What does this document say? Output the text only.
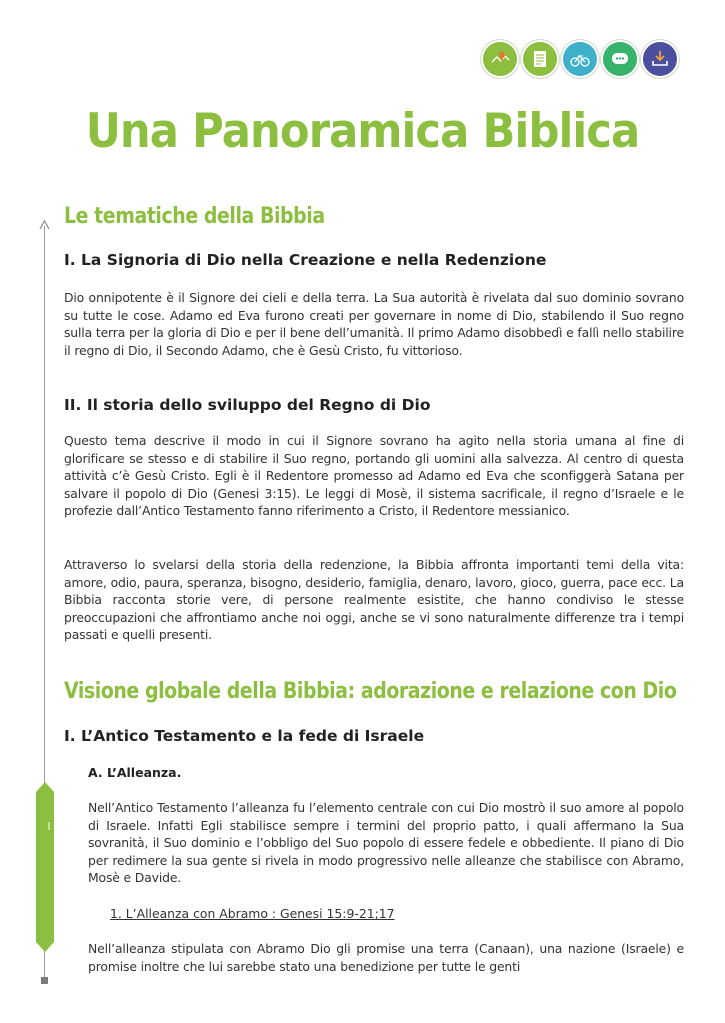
Una Panoramica Biblica
Una Panoramica Biblica
Le tematiche della Bibbia
I. La Signoria di Dio nella Creazione e nella Redenzione

Dio onnipotente è il Signore dei cieli e della terra. La Sua autorità è rivelata dal suo dominio sovrano su tutte le cose. Adamo ed Eva furono creati per governare in nome di Dio, stabilendo il Suo regno sulla terra per la gloria di Dio e per il bene dell’umanità. Il primo Adamo disobbedì e fallì nello stabilire il regno di Dio, il Secondo Adamo, che è Gesù Cristo, fu vittorioso.

II. Il storia dello sviluppo del Regno di Dio

Questo tema descrive il modo in cui il Signore sovrano ha agito nella storia umana al fine di glorificare se stesso e di stabilire il Suo regno, portando gli uomini alla salvezza. Al centro di questa attività c’è Gesù Cristo. Egli è il Redentore promesso ad Adamo ed Eva che sconfiggerà Satana per salvare il popolo di Dio (Genesi 3:15). Le leggi di Mosè, il sistema sacrificale, il regno d’Israele e le profezie dall’Antico Testamento fanno riferimento a Cristo, il Redentore messianico.

Attraverso lo svelarsi della storia della redenzione, la Bibbia affronta importanti temi della vita: amore, odio, paura, speranza, bisogno, desiderio, famiglia, denaro, lavoro, gioco, guerra, pace ecc. La Bibbia racconta storie vere, di persone realmente esistite, che hanno condiviso le stesse preoccupazioni che affrontiamo anche noi oggi, anche se vi sono naturalmente differenze tra i tempi passati e quelli presenti.

Visione globale della Bibbia: adorazione e relazione con Dio
I. L’Antico Testamento e la fede di Israele
A. L’Alleanza.

Nell’Antico Testamento l’alleanza fu l’elemento centrale con cui Dio mostrò il suo amore al popolo di Israele. Infatti Egli stabilisce sempre i termini del proprio patto, i quali affermano la Sua sovranità, il Suo dominio e l’obbligo del Suo popolo di essere fedele e obbediente. Il piano di Dio per redimere la sua gente si rivela in modo progressivo nelle alleanze che stabilisce con Abramo, Mosè e Davide.

1. L’Alleanza con Abramo : Genesi 15:9-21;17

Nell’alleanza stipulata con Abramo Dio gli promise una terra (Canaan), una nazione (Israele) e promise inoltre che lui sarebbe stato una benedizione per tutte le genti
